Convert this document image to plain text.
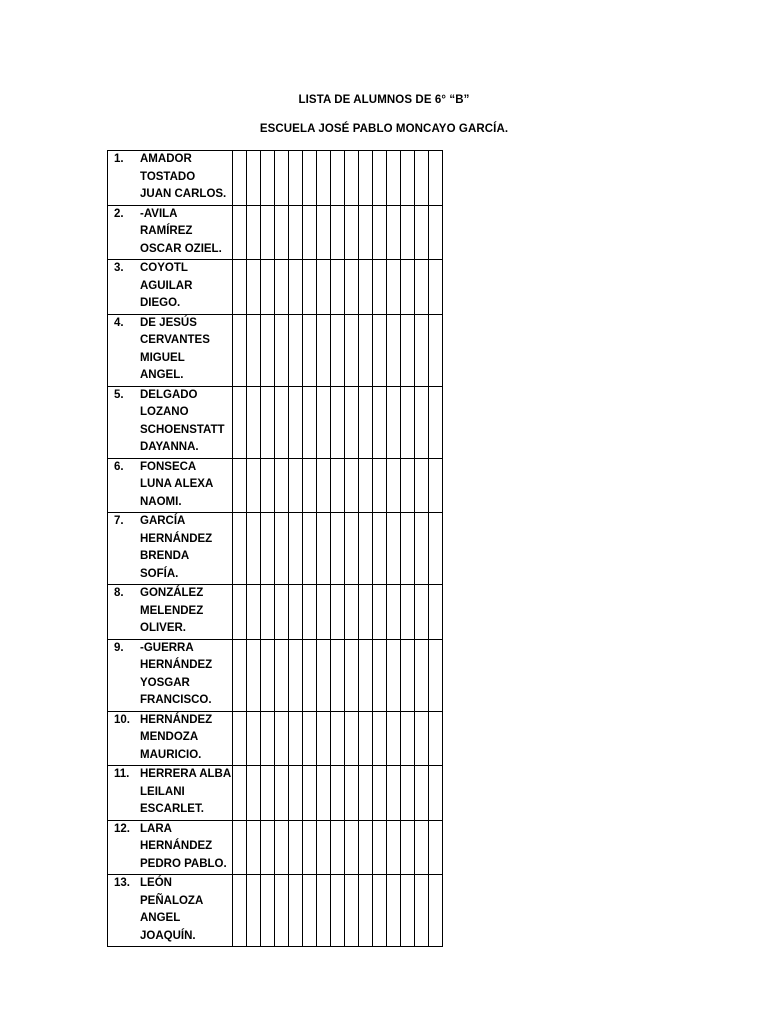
LISTA DE ALUMNOS DE 6° “B”
ESCUELA JOSÉ PABLO MONCAYO GARCÍA.
1. AMADOR
TOSTADO
JUAN CARLOS.															

2. -AVILA
RAMÍREZ
OSCAR OZIEL.															

3. COYOTL
AGUILAR
DIEGO.															

4. DE JESÚS
CERVANTES
MIGUEL
ANGEL.															

5. DELGADO
LOZANO
SCHOENSTATT
DAYANNA.															

6. FONSECA
LUNA ALEXA
NAOMI.															

7. GARCÍA
HERNÁNDEZ
BRENDA
SOFÍA.															

8. GONZÁLEZ
MELENDEZ
OLIVER.															

9. -GUERRA
HERNÁNDEZ
YOSGAR
FRANCISCO.															

10. HERNÁNDEZ
MENDOZA
MAURICIO.															

11. HERRERA ALBA
LEILANI
ESCARLET.															

12. LARA
HERNÁNDEZ
PEDRO PABLO.															

13. LEÓN
PEÑALOZA
ANGEL
JOAQUÍN.															
